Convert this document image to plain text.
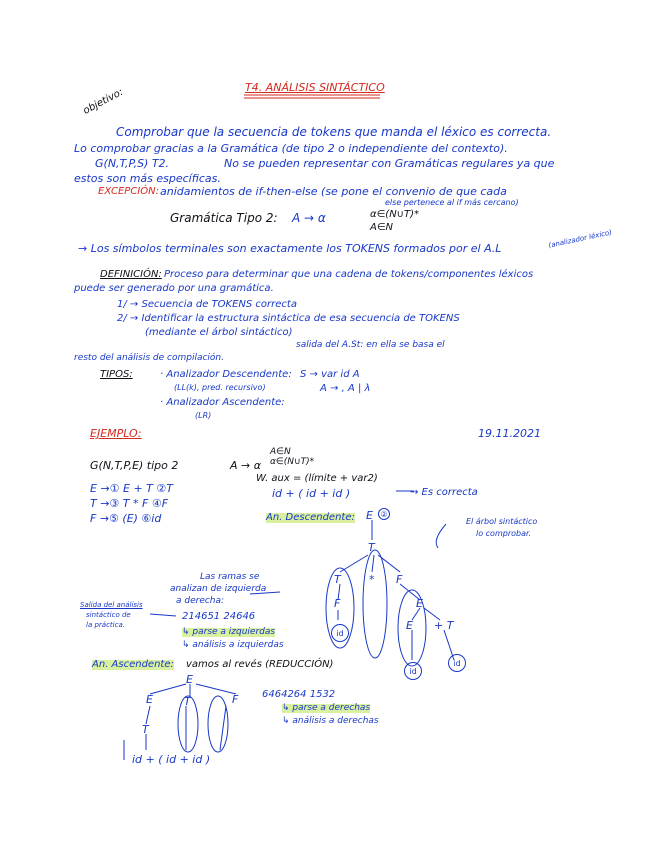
T4. ANÁLISIS SINTÁCTICO
objetivo:
Comprobar que la secuencia de tokens que manda el léxico es correcta.
Lo comprobar gracias a la Gramática (de tipo 2 o independiente del contexto).
G(N,T,P,S) T2.	No se pueden representar con Gramáticas regulares ya que
estos son más específicas.
EXCEPCIÓN: anidamientos de if-then-else (se pone el convenio de que cada
else pertenece al if más cercano)
Gramática Tipo 2: A → α	α∈(N∪T)*
A∈N
→ Los símbolos terminales son exactamente los TOKENS formados por el A.L	(analizador léxico)
DEFINICIÓN: Proceso para determinar que una cadena de tokens/componentes léxicos
puede ser generado por una gramática.
1/ → Secuencia de TOKENS correcta
2/ → Identificar la estructura sintáctica de esa secuencia de TOKENS
(mediante el árbol sintáctico)
salida del A.St: en ella se basa el
resto del análisis de compilación.
TIPOS:	· Analizador Descendente:
(LL(k), pred. recursivo)
S → var id A
A → , A | λ
· Analizador Ascendente:
(LR)
EJEMPLO:	19.11.2021
G(N,T,P,E) tipo 2	A → α
A∈N
α∈(N∪T)*
E →① E + T ②T
T →③ T * F ④F
F →⑤ (E) ⑥id
W. aux = (límite + var2)
id + ( id + id )	→ Es correcta
An. Descendente:	El árbol sintáctico
lo comprobar.
Las ramas se
analizan de izquierda
a derecha:
214651 24646
↳ parse a izquierdas
↳ análisis a izquierdas
Salida del análisis
sintáctico de
la práctica.
An. Ascendente: vamos al revés (REDUCCIÓN)
6464264 1532
↳ parse a derechas
↳ análisis a derechas
id + ( id + id )
E ②
T
T	* F
F	E
E + T
id
id
id
E
E	T	F
T
